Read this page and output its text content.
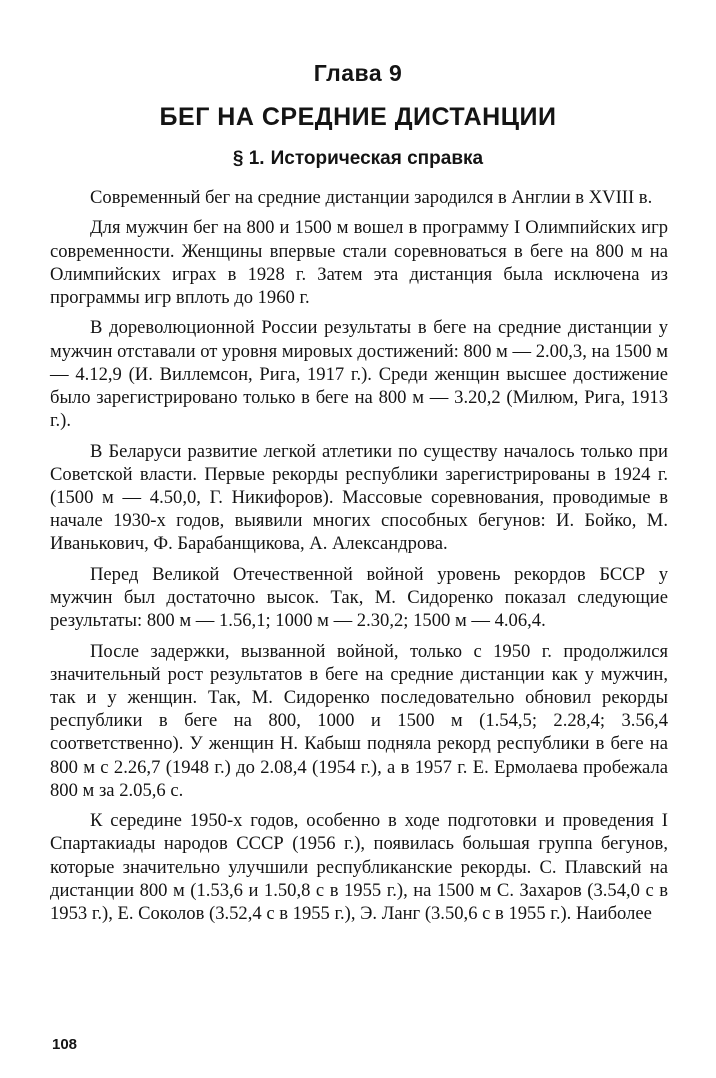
Глава 9
БЕГ НА СРЕДНИЕ ДИСТАНЦИИ
§ 1. Историческая справка

Современный бег на средние дистанции зародился в Англии в XVIII в.

Для мужчин бег на 800 и 1500 м вошел в программу I Олимпийских игр современности. Женщины впервые стали соревноваться в беге на 800 м на Олимпийских играх в 1928 г. Затем эта дистанция была исключена из программы игр вплоть до 1960 г.

В дореволюционной России результаты в беге на средние дистанции у мужчин отставали от уровня мировых достижений: 800 м — 2.00,3, на 1500 м — 4.12,9 (И. Виллемсон, Рига, 1917 г.). Среди женщин высшее достижение было зарегистрировано только в беге на 800 м — 3.20,2 (Милюм, Рига, 1913 г.).

В Беларуси развитие легкой атлетики по существу началось только при Советской власти. Первые рекорды республики зарегистрированы в 1924 г. (1500 м — 4.50,0, Г. Никифоров). Массовые соревнования, проводимые в начале 1930-х годов, выявили многих способных бегунов: И. Бойко, М. Иванькович, Ф. Барабанщикова, А. Александрова.

Перед Великой Отечественной войной уровень рекордов БССР у мужчин был достаточно высок. Так, М. Сидоренко показал следующие результаты: 800 м — 1.56,1; 1000 м — 2.30,2; 1500 м — 4.06,4.

После задержки, вызванной войной, только с 1950 г. продолжился значительный рост результатов в беге на средние дистанции как у мужчин, так и у женщин. Так, М. Сидоренко последовательно обновил рекорды республики в беге на 800, 1000 и 1500 м (1.54,5; 2.28,4; 3.56,4 соответственно). У женщин Н. Кабыш подняла рекорд республики в беге на 800 м с 2.26,7 (1948 г.) до 2.08,4 (1954 г.), а в 1957 г. Е. Ермолаева пробежала 800 м за 2.05,6 с.

К середине 1950-х годов, особенно в ходе подготовки и проведения I Спартакиады народов СССР (1956 г.), появилась большая группа бегунов, которые значительно улучшили республиканские рекорды. С. Плавский на дистанции 800 м (1.53,6 и 1.50,8 с в 1955 г.), на 1500 м С. Захаров (3.54,0 с в 1953 г.), Е. Соколов (3.52,4 с в 1955 г.), Э. Ланг (3.50,6 с в 1955 г.). Наиболее

108
